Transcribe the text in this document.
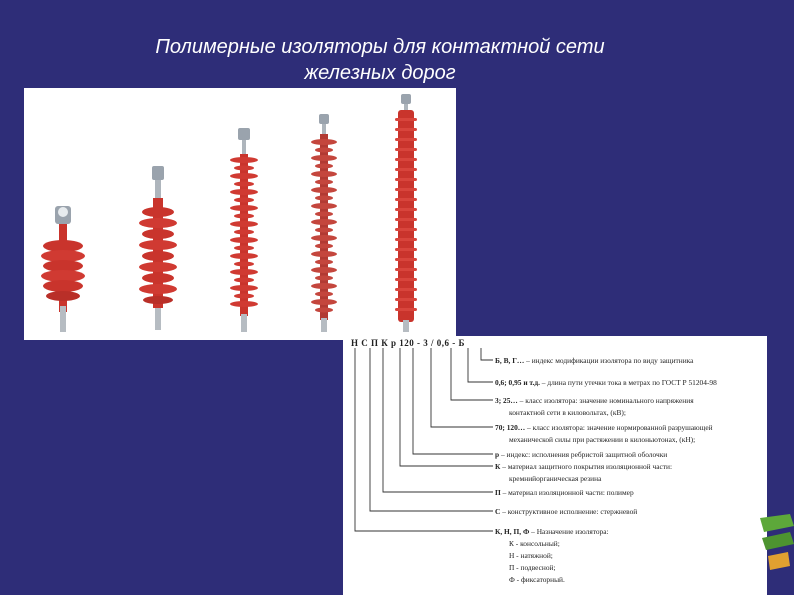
Полимерные изоляторы для контактной сети
железных дорог
Н С П К р 120 - 3 / 0,6 - Б
Б, В, Г… – индекс модификации изолятора по виду защитника
0,6; 0,95 и т.д. – длина пути утечки тока в метрах по ГОСТ Р 51204-98
3; 25… – класс изолятора: значение номинального напряжения
контактной сети в киловольтах, (кВ);
70; 120… – класс изолятора: значение нормированной разрушающей
механической силы при растяжении в килоньютонах, (кН);
р – индекс: исполнения ребристой защитной оболочки
К – материал защитного покрытия изоляционной части:
кремнийорганическая резина
П – материал изоляционной части: полимер
С – конструктивное исполнение: стержневой
К, Н, П, Ф – Назначение изолятора:
К - консольный;
Н - натяжной;
П - подвесной;
Ф - фиксаторный.
